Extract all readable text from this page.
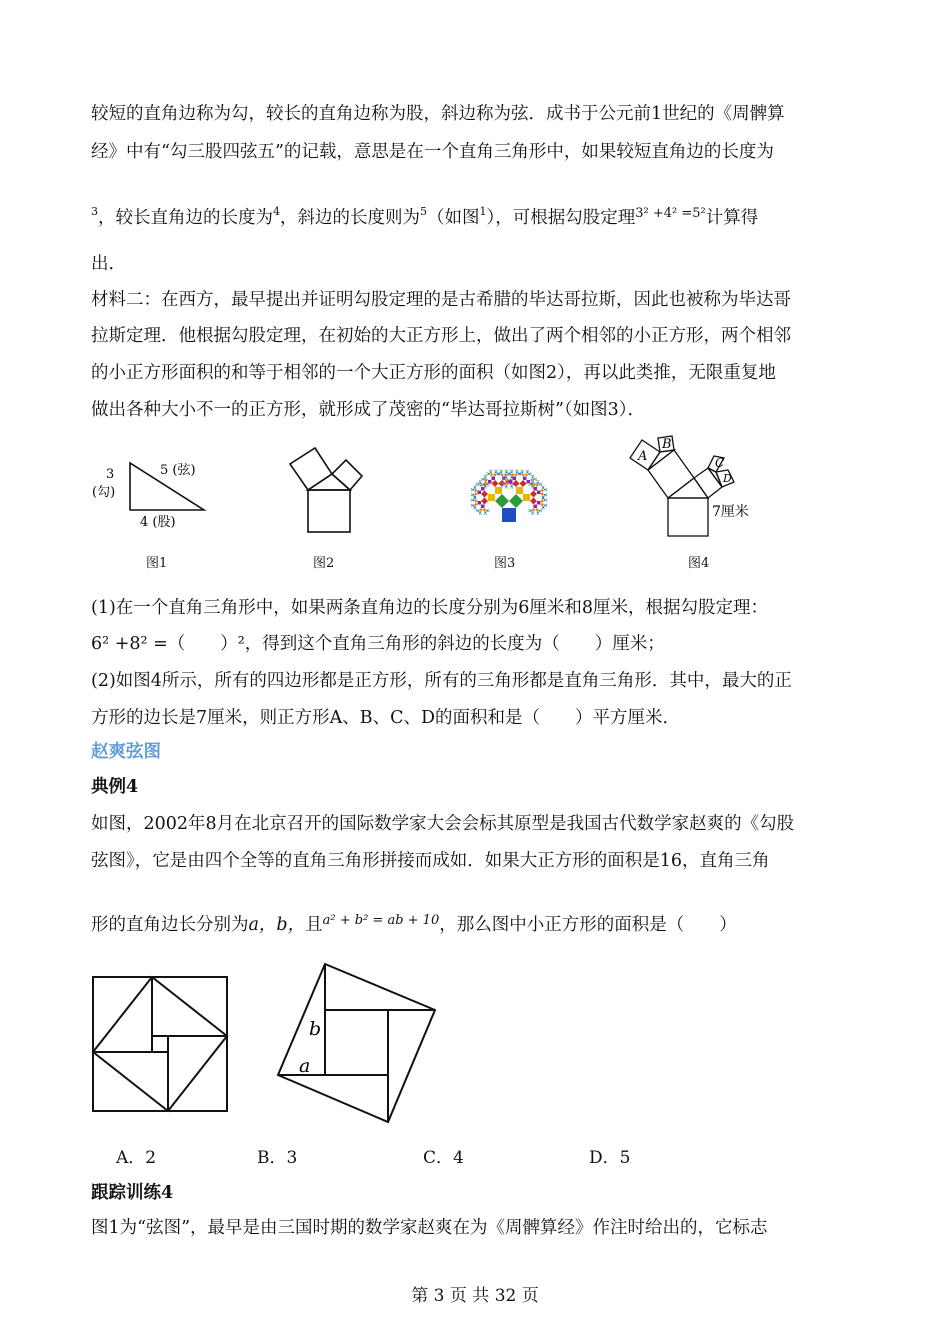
较短的直角边称为勾，较长的直角边称为股，斜边称为弦．成书于公元前1世纪的《周髀算
经》中有“勾三股四弦五”的记载，意思是在一个直角三角形中，如果较短直角边的长度为
$^3$，较长直角边的长度为$^4$，斜边的长度则为$^5$（如图$^1$），可根据勾股定理$^{3^2 +4^2 =5^2}$计算得
出．
材料二：在西方，最早提出并证明勾股定理的是古希腊的毕达哥拉斯，因此也被称为毕达哥
拉斯定理．他根据勾股定理，在初始的大正方形上，做出了两个相邻的小正方形，两个相邻
的小正方形面积的和等于相邻的一个大正方形的面积（如图2），再以此类推，无限重复地
做出各种大小不一的正方形，就形成了茂密的“毕达哥拉斯树”（如图3）．
3
(勾)
5 (弦)
4 (股)
图1	图2	图3
A
B
C
D
7厘米
图4
(1)在一个直角三角形中，如果两条直角边的长度分别为6厘米和8厘米，根据勾股定理：
6² +8² =（　　）²，得到这个直角三角形的斜边的长度为（　　）厘米；
(2)如图4所示，所有的四边形都是正方形，所有的三角形都是直角三角形．其中，最大的正
方形的边长是7厘米，则正方形A、B、C、D的面积和是（　　）平方厘米．
赵爽弦图
典例4
如图，2002年8月在北京召开的国际数学家大会会标其原型是我国古代数学家赵爽的《勾股
弦图》，它是由四个全等的直角三角形拼接而成如．如果大正方形的面积是16，直角三角
形的直角边长分别为a，b，且$^{a^2 + b^2 = ab + 10}$，那么图中小正方形的面积是（　　）
b
a
A．2	B．3	C．4	D．5
跟踪训练4
图1为“弦图”，最早是由三国时期的数学家赵爽在为《周髀算经》作注时给出的，它标志
第 3 页 共 32 页
